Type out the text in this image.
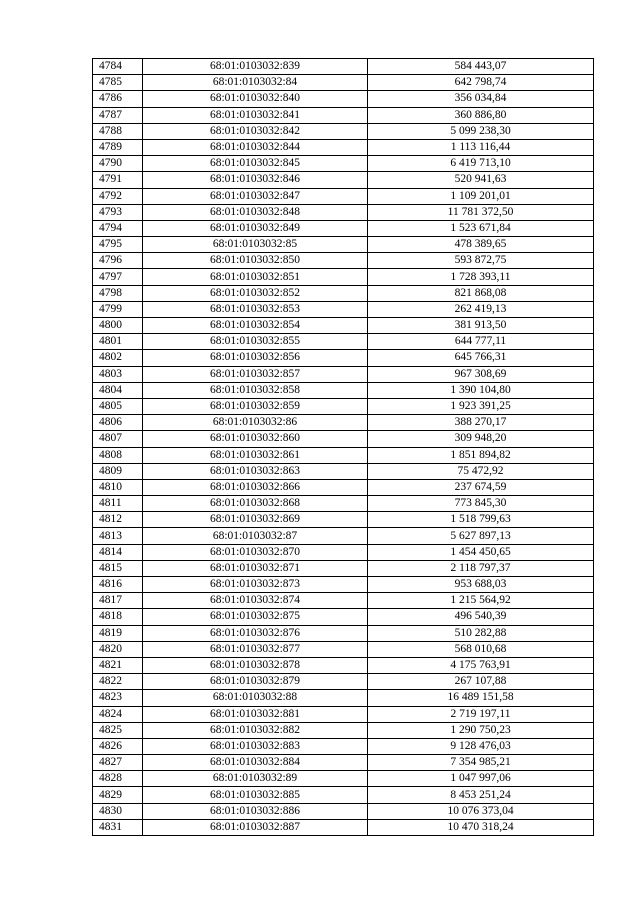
4784	68:01:0103032:839	584 443,07
4785	68:01:0103032:84	642 798,74
4786	68:01:0103032:840	356 034,84
4787	68:01:0103032:841	360 886,80
4788	68:01:0103032:842	5 099 238,30
4789	68:01:0103032:844	1 113 116,44
4790	68:01:0103032:845	6 419 713,10
4791	68:01:0103032:846	520 941,63
4792	68:01:0103032:847	1 109 201,01
4793	68:01:0103032:848	11 781 372,50
4794	68:01:0103032:849	1 523 671,84
4795	68:01:0103032:85	478 389,65
4796	68:01:0103032:850	593 872,75
4797	68:01:0103032:851	1 728 393,11
4798	68:01:0103032:852	821 868,08
4799	68:01:0103032:853	262 419,13
4800	68:01:0103032:854	381 913,50
4801	68:01:0103032:855	644 777,11
4802	68:01:0103032:856	645 766,31
4803	68:01:0103032:857	967 308,69
4804	68:01:0103032:858	1 390 104,80
4805	68:01:0103032:859	1 923 391,25
4806	68:01:0103032:86	388 270,17
4807	68:01:0103032:860	309 948,20
4808	68:01:0103032:861	1 851 894,82
4809	68:01:0103032:863	75 472,92
4810	68:01:0103032:866	237 674,59
4811	68:01:0103032:868	773 845,30
4812	68:01:0103032:869	1 518 799,63
4813	68:01:0103032:87	5 627 897,13
4814	68:01:0103032:870	1 454 450,65
4815	68:01:0103032:871	2 118 797,37
4816	68:01:0103032:873	953 688,03
4817	68:01:0103032:874	1 215 564,92
4818	68:01:0103032:875	496 540,39
4819	68:01:0103032:876	510 282,88
4820	68:01:0103032:877	568 010,68
4821	68:01:0103032:878	4 175 763,91
4822	68:01:0103032:879	267 107,88
4823	68:01:0103032:88	16 489 151,58
4824	68:01:0103032:881	2 719 197,11
4825	68:01:0103032:882	1 290 750,23
4826	68:01:0103032:883	9 128 476,03
4827	68:01:0103032:884	7 354 985,21
4828	68:01:0103032:89	1 047 997,06
4829	68:01:0103032:885	8 453 251,24
4830	68:01:0103032:886	10 076 373,04
4831	68:01:0103032:887	10 470 318,24
